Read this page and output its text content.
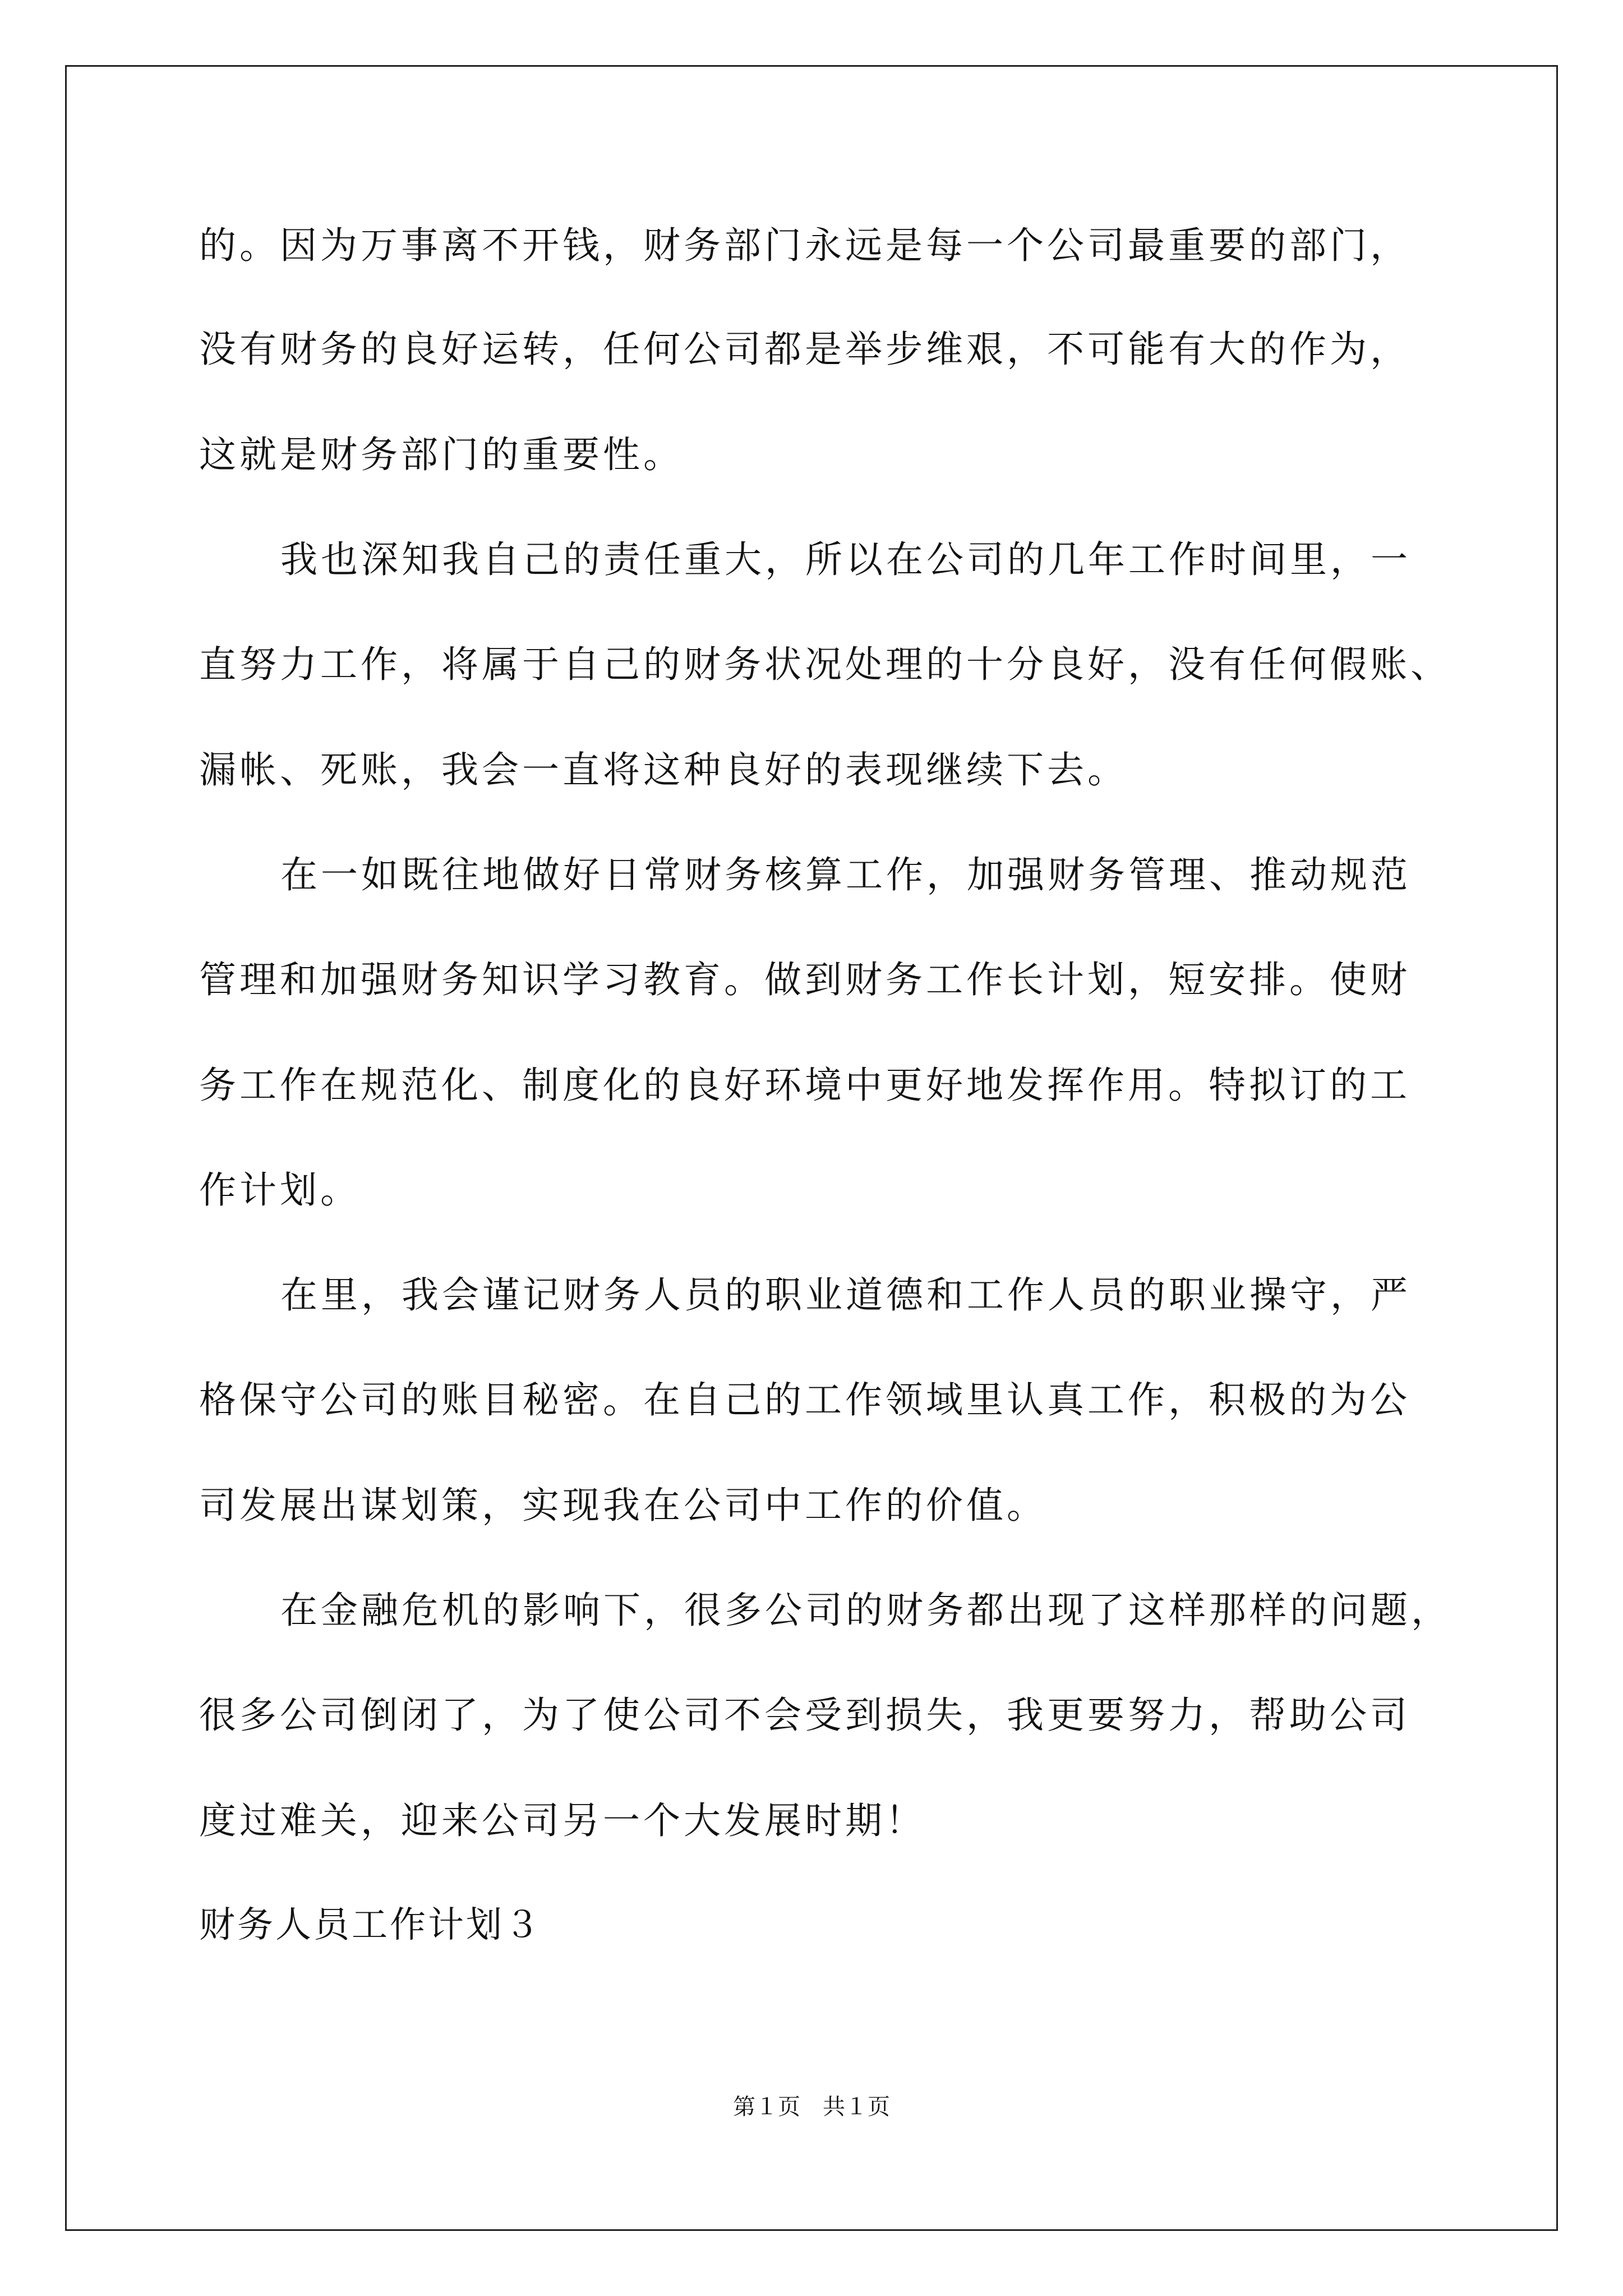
的。因为万事离不开钱，财务部门永远是每一个公司最重要的部门，
没有财务的良好运转，任何公司都是举步维艰，不可能有大的作为，
这就是财务部门的重要性。
我也深知我自己的责任重大，所以在公司的几年工作时间里，一
直努力工作，将属于自己的财务状况处理的十分良好，没有任何假账、
漏帐、死账，我会一直将这种良好的表现继续下去。
在一如既往地做好日常财务核算工作，加强财务管理、推动规范
管理和加强财务知识学习教育。做到财务工作长计划，短安排。使财
务工作在规范化、制度化的良好环境中更好地发挥作用。特拟订的工
作计划。
在里，我会谨记财务人员的职业道德和工作人员的职业操守，严
格保守公司的账目秘密。在自己的工作领域里认真工作，积极的为公
司发展出谋划策，实现我在公司中工作的价值。
在金融危机的影响下，很多公司的财务都出现了这样那样的问题，
很多公司倒闭了，为了使公司不会受到损失，我更要努力，帮助公司
度过难关，迎来公司另一个大发展时期！
财务人员工作计划３
第１页　共１页
